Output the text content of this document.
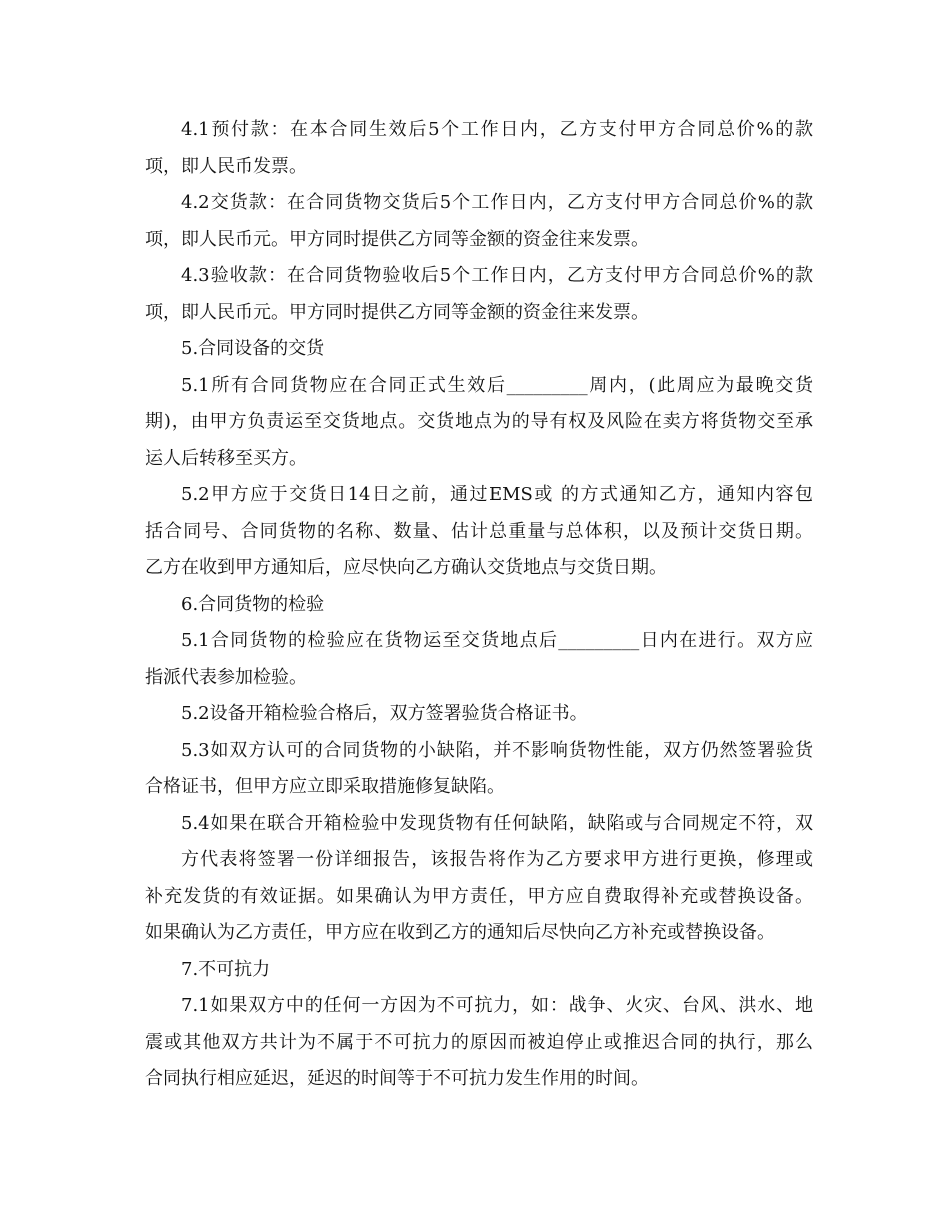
4.1预付款：在本合同生效后5个工作日内，乙方支付甲方合同总价%的款
项，即人民币发票。
4.2交货款：在合同货物交货后5个工作日内，乙方支付甲方合同总价%的款
项，即人民币元。甲方同时提供乙方同等金额的资金往来发票。
4.3验收款：在合同货物验收后5个工作日内，乙方支付甲方合同总价%的款
项，即人民币元。甲方同时提供乙方同等金额的资金往来发票。
5.合同设备的交货
5.1所有合同货物应在合同正式生效后_________周内，(此周应为最晚交货
期)，由甲方负责运至交货地点。交货地点为的导有权及风险在卖方将货物交至承
运人后转移至买方。
5.2甲方应于交货日14日之前，通过EMS或 的方式通知乙方，通知内容包
括合同号、合同货物的名称、数量、估计总重量与总体积，以及预计交货日期。
乙方在收到甲方通知后，应尽快向乙方确认交货地点与交货日期。
6.合同货物的检验
5.1合同货物的检验应在货物运至交货地点后_________日内在进行。双方应
指派代表参加检验。
5.2设备开箱检验合格后，双方签署验货合格证书。
5.3如双方认可的合同货物的小缺陷，并不影响货物性能，双方仍然签署验货
合格证书，但甲方应立即采取措施修复缺陷。
5.4如果在联合开箱检验中发现货物有任何缺陷，缺陷或与合同规定不符，双
方代表将签署一份详细报告，该报告将作为乙方要求甲方进行更换，修理或
补充发货的有效证据。如果确认为甲方责任，甲方应自费取得补充或替换设备。
如果确认为乙方责任，甲方应在收到乙方的通知后尽快向乙方补充或替换设备。
7.不可抗力
7.1如果双方中的任何一方因为不可抗力，如：战争、火灾、台风、洪水、地
震或其他双方共计为不属于不可抗力的原因而被迫停止或推迟合同的执行，那么
合同执行相应延迟，延迟的时间等于不可抗力发生作用的时间。
